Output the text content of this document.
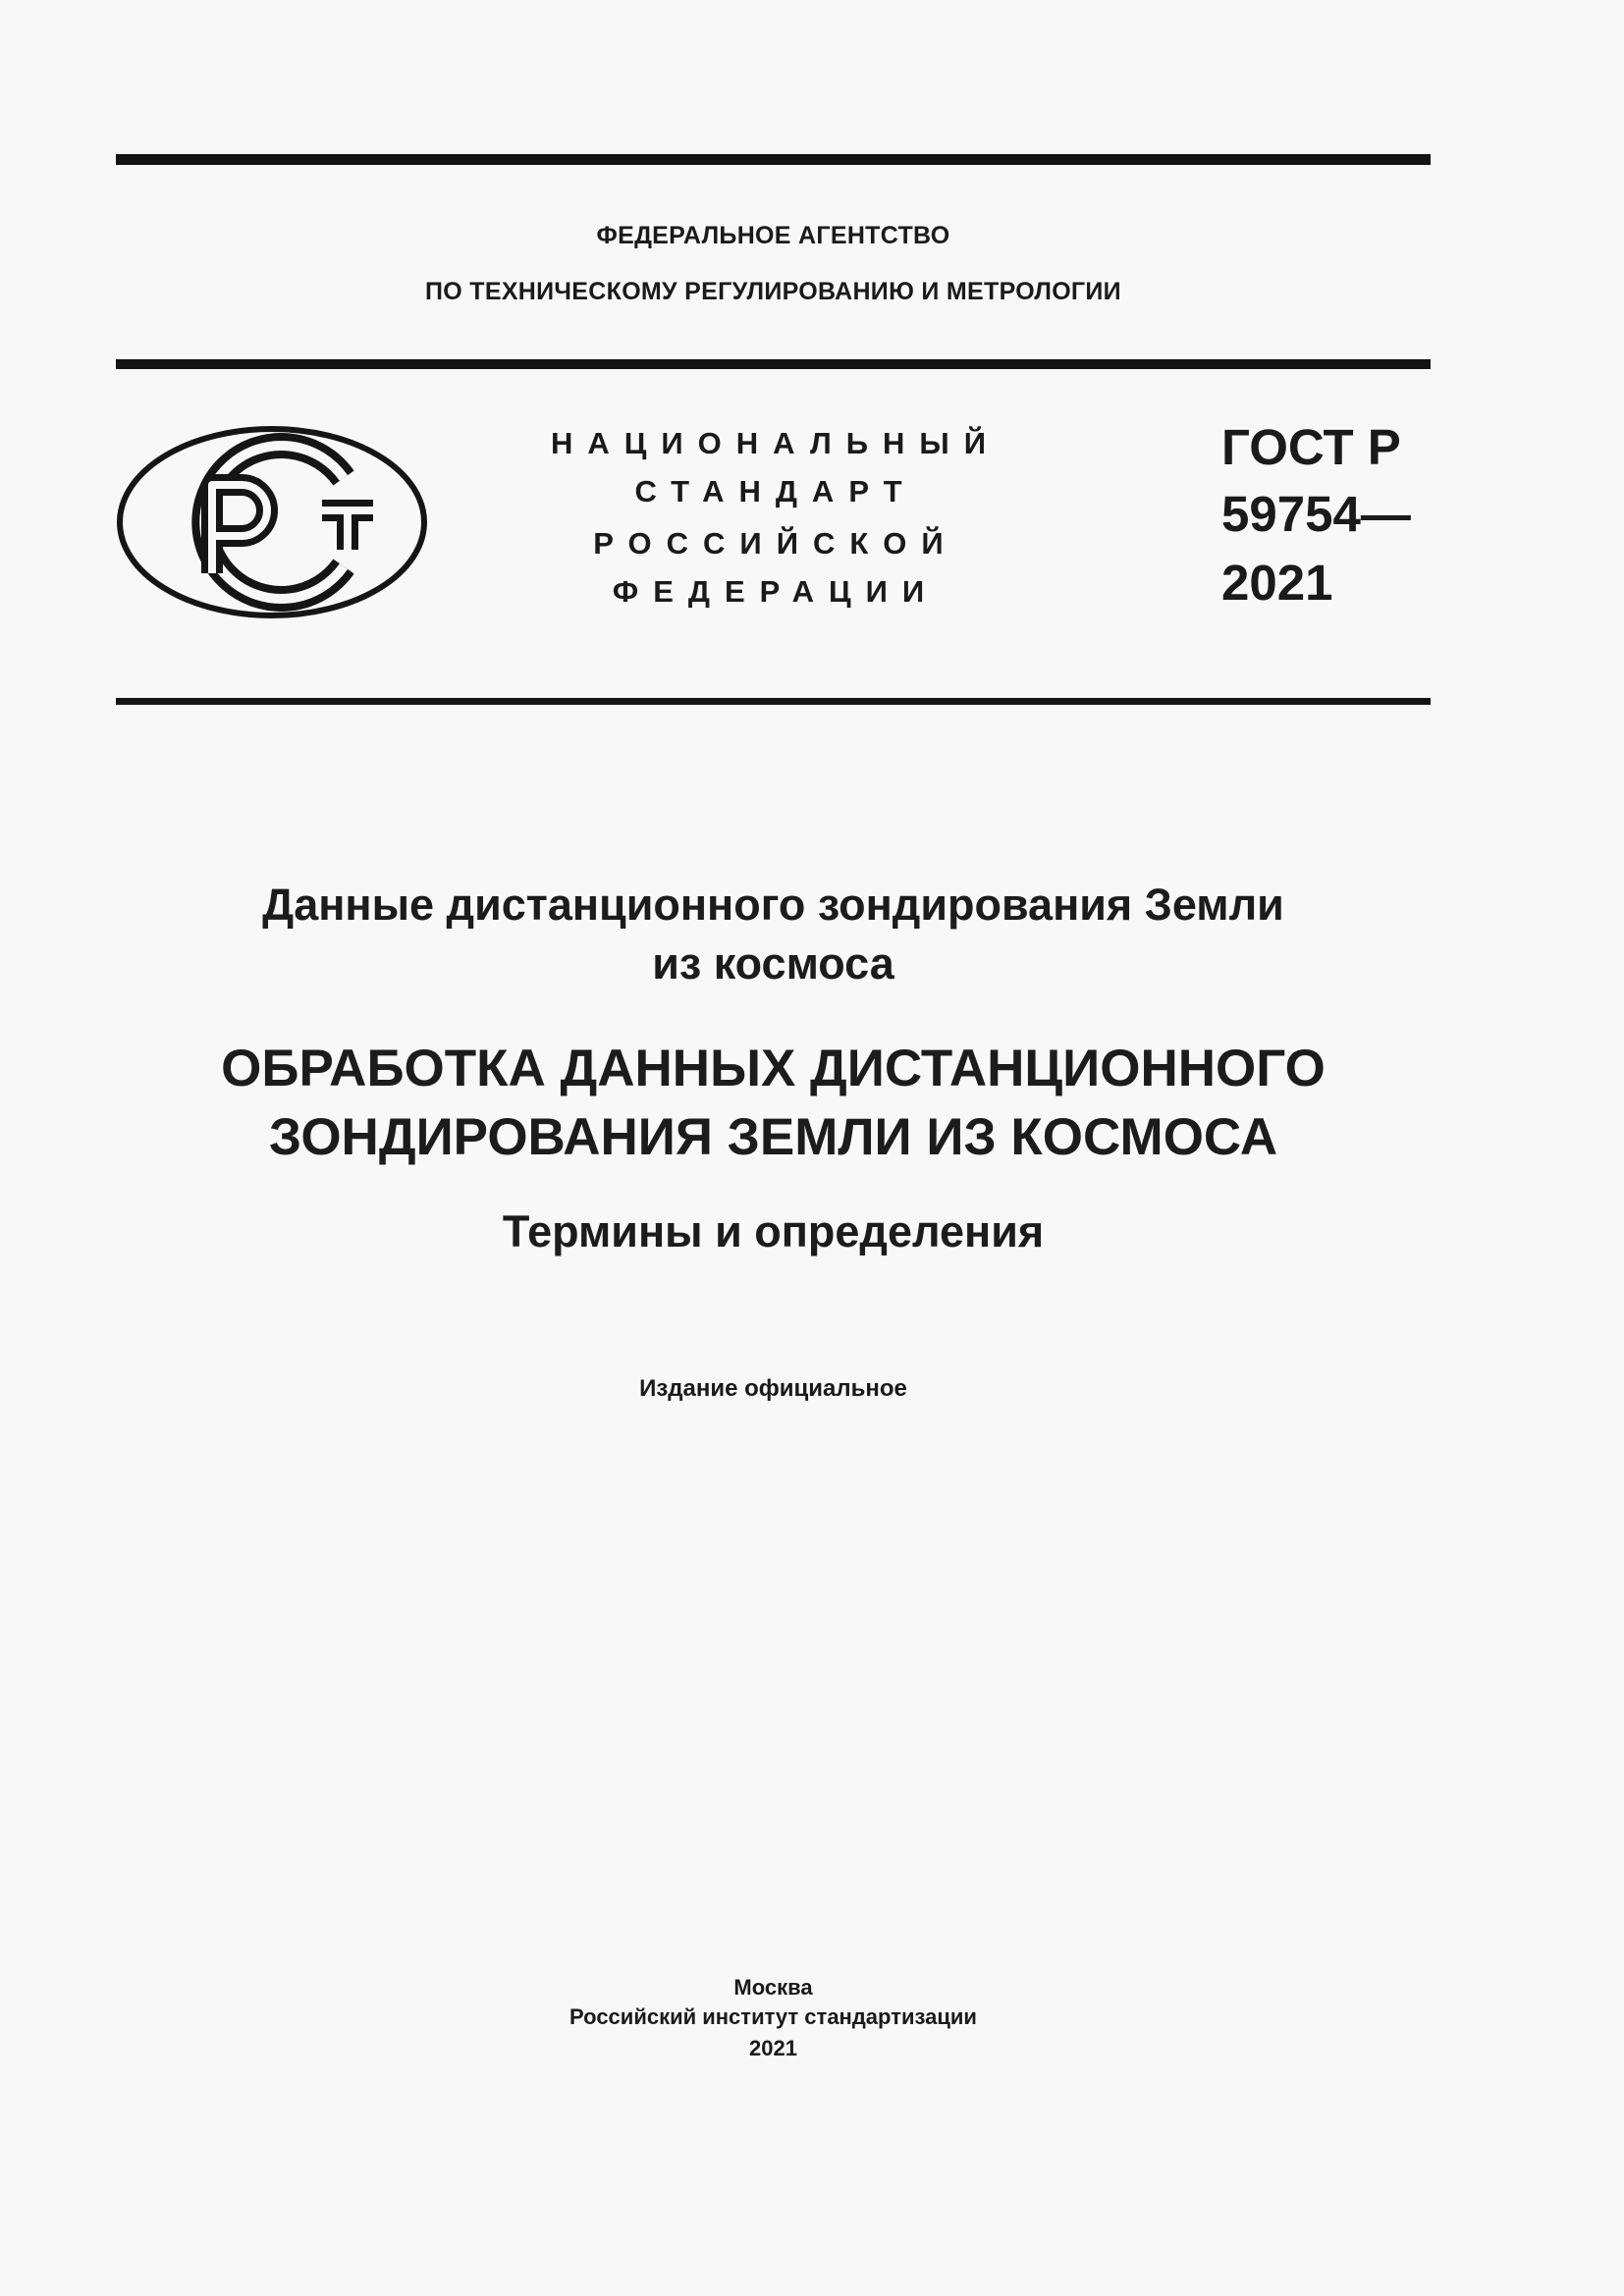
ФЕДЕРАЛЬНОЕ АГЕНТСТВО
ПО ТЕХНИЧЕСКОМУ РЕГУЛИРОВАНИЮ И МЕТРОЛОГИИ
НАЦИОНАЛЬНЫЙ
СТАНДАРТ
РОССИЙСКОЙ
ФЕДЕРАЦИИ
ГОСТ Р
59754—
2021
Данные дистанционного зондирования Земли
из космоса
ОБРАБОТКА ДАННЫХ ДИСТАНЦИОННОГО
ЗОНДИРОВАНИЯ ЗЕМЛИ ИЗ КОСМОСА
Термины и определения
Издание официальное
Москва
Российский институт стандартизации
2021
